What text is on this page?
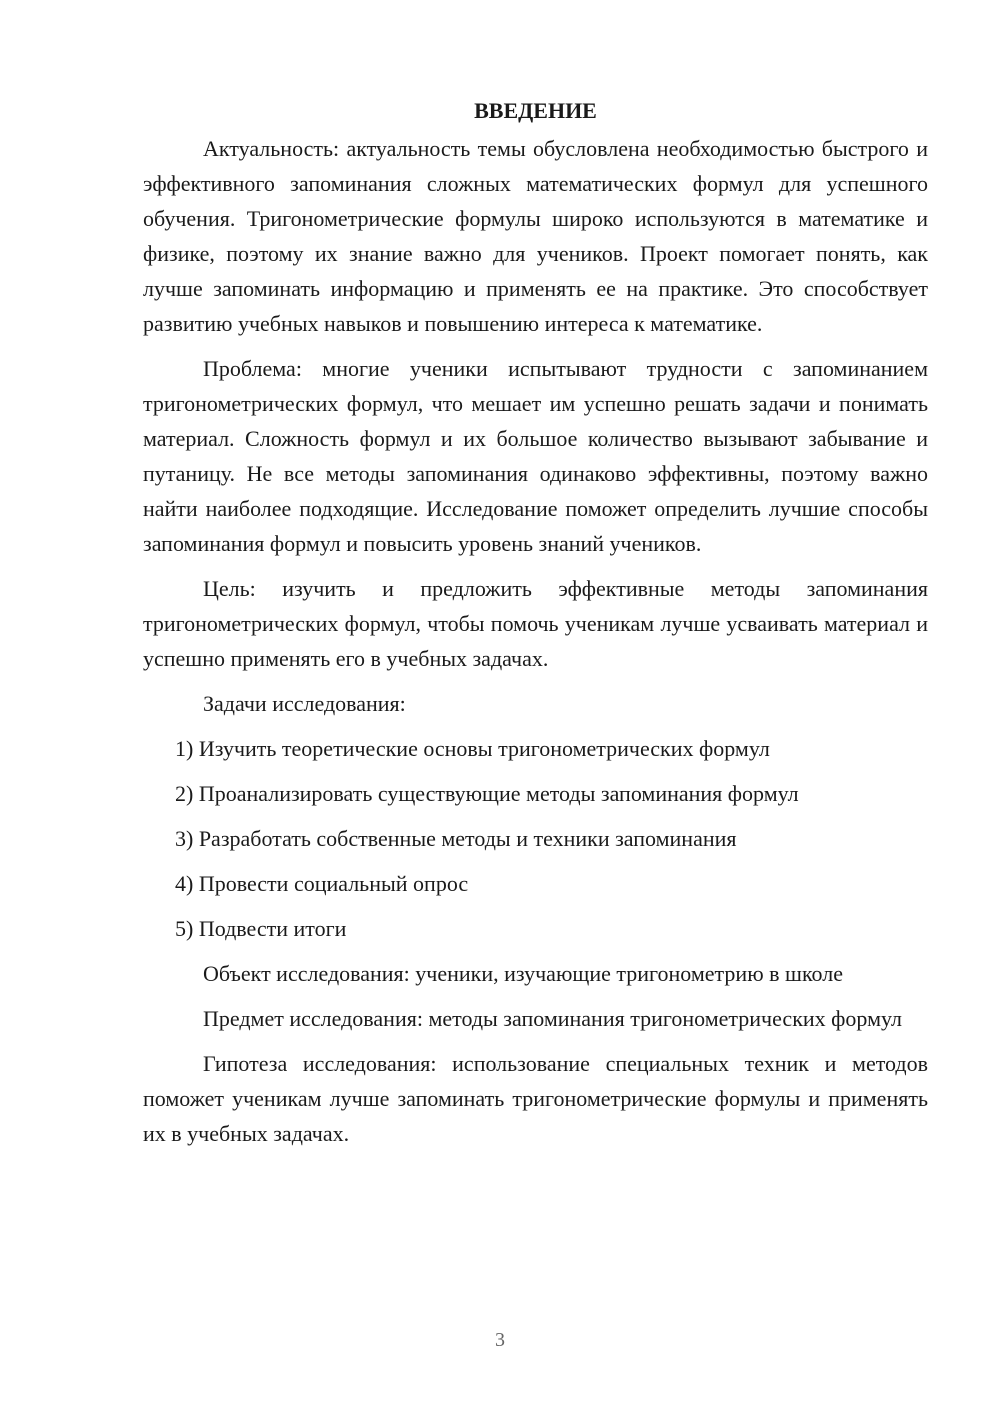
ВВЕДЕНИЕ

Актуальность: актуальность темы обусловлена необходимостью быстрого и эффективного запоминания сложных математических формул для успешного обучения. Тригонометрические формулы широко используются в математике и физике, поэтому их знание важно для учеников. Проект помогает понять, как лучше запоминать информацию и применять ее на практике. Это способствует развитию учебных навыков и повышению интереса к математике.

Проблема: многие ученики испытывают трудности с запоминанием тригонометрических формул, что мешает им успешно решать задачи и понимать материал. Сложность формул и их большое количество вызывают забывание и путаницу. Не все методы запоминания одинаково эффективны, поэтому важно найти наиболее подходящие. Исследование поможет определить лучшие способы запоминания формул и повысить уровень знаний учеников.

Цель: изучить и предложить эффективные методы запоминания тригонометрических формул, чтобы помочь ученикам лучше усваивать материал и успешно применять его в учебных задачах.

Задачи исследования:

1) Изучить теоретические основы тригонометрических формул
2) Проанализировать существующие методы запоминания формул
3) Разработать собственные методы и техники запоминания
4) Провести социальный опрос
5) Подвести итоги

Объект исследования: ученики, изучающие тригонометрию в школе

Предмет исследования: методы запоминания тригонометрических формул

Гипотеза исследования: использование специальных техник и методов поможет ученикам лучше запоминать тригонометрические формулы и применять их в учебных задачах.

3
